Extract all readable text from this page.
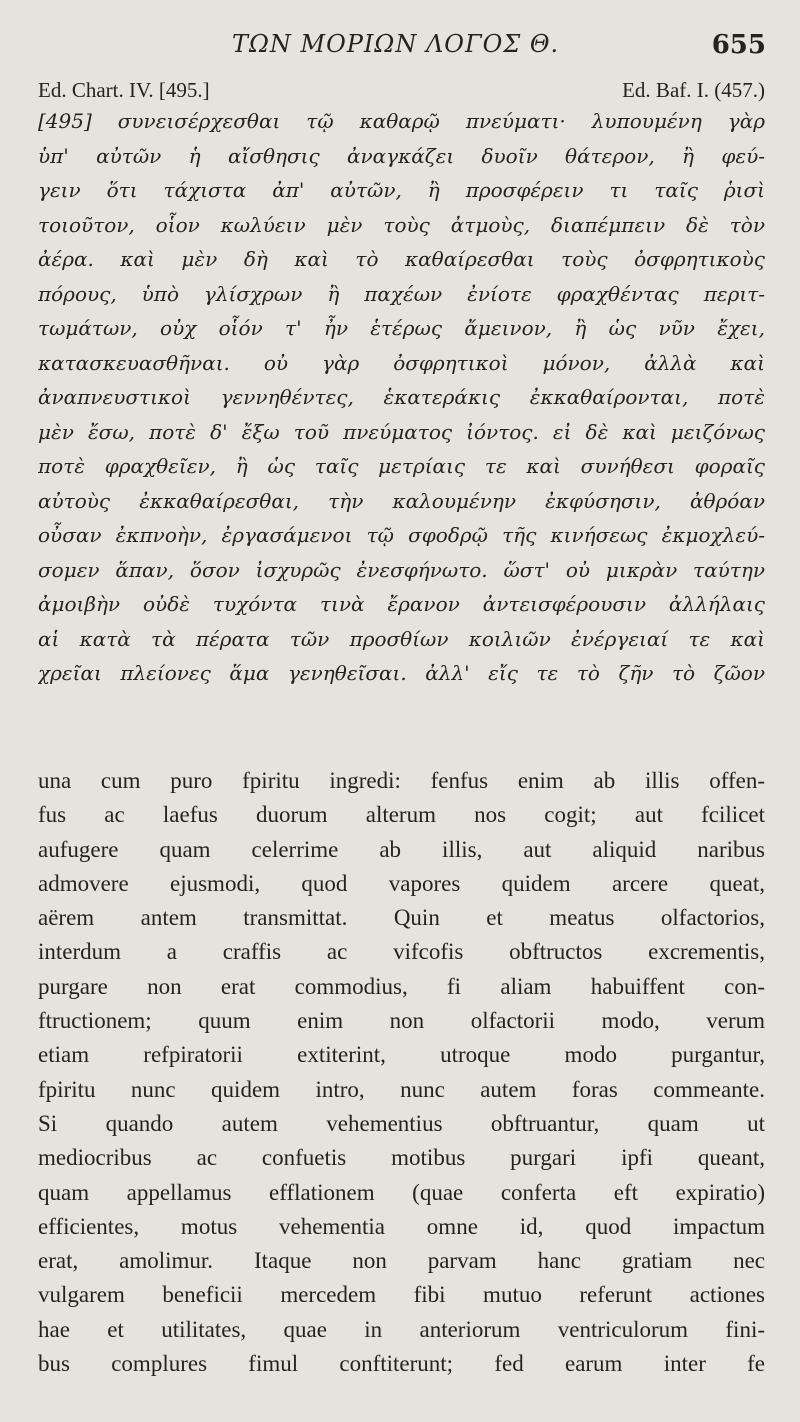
ΤΩΝ ΜΟΡΙΩΝ ΛΟΓΟΣ Θ.	655
Ed. Chart. IV. [495.]	Ed. Baf. I. (457.)
[495] συνεισέρχεσθαι τῷ καθαρῷ πνεύματι· λυπουμένη γὰρ
ὑπ' αὐτῶν ἡ αἴσθησις ἀναγκάζει δυοῖν θάτερον, ἢ φεύ-
γειν ὅτι τάχιστα ἀπ' αὐτῶν, ἢ προσφέρειν τι ταῖς ῥισὶ
τοιοῦτον, οἷον κωλύειν μὲν τοὺς ἀτμοὺς, διαπέμπειν δὲ τὸν
ἀέρα. καὶ μὲν δὴ καὶ τὸ καθαίρεσθαι τοὺς ὀσφρητικοὺς
πόρους, ὑπὸ γλίσχρων ἢ παχέων ἐνίοτε φραχθέντας περιτ-
τωμάτων, οὐχ οἷόν τ' ἦν ἑτέρως ἄμεινον, ἢ ὡς νῦν ἔχει,
κατασκευασθῆναι. οὐ γὰρ ὀσφρητικοὶ μόνον, ἀλλὰ καὶ
ἀναπνευστικοὶ γεννηθέντες, ἑκατεράκις ἐκκαθαίρονται, ποτὲ
μὲν ἔσω, ποτὲ δ' ἔξω τοῦ πνεύματος ἰόντος. εἰ δὲ καὶ μειζόνως
ποτὲ φραχθεῖεν, ἢ ὡς ταῖς μετρίαις τε καὶ συνήθεσι φοραῖς
αὐτοὺς ἐκκαθαίρεσθαι, τὴν καλουμένην ἐκφύσησιν, ἀθρόαν
οὖσαν ἐκπνοὴν, ἐργασάμενοι τῷ σφοδρῷ τῆς κινήσεως ἐκμοχλεύ-
σομεν ἅπαν, ὅσον ἰσχυρῶς ἐνεσφήνωτο. ὥστ' οὐ μικρὰν ταύτην
ἀμοιβὴν οὐδὲ τυχόντα τινὰ ἔρανον ἀντεισφέρουσιν ἀλλήλαις
αἱ κατὰ τὰ πέρατα τῶν προσθίων κοιλιῶν ἐνέργειαί τε καὶ
χρεῖαι πλείονες ἅμα γενηθεῖσαι. ἀλλ' εἴς τε τὸ ζῆν τὸ ζῶον
una cum puro fpiritu ingredi: fenfus enim ab illis offen-
fus ac laefus duorum alterum nos cogit; aut fcilicet
aufugere quam celerrime ab illis, aut aliquid naribus
admovere ejusmodi, quod vapores quidem arcere queat,
aërem antem transmittat. Quin et meatus olfactorios,
interdum a craffis ac vifcofis obftructos excrementis,
purgare non erat commodius, fi aliam habuiffent con-
ftructionem; quum enim non olfactorii modo, verum
etiam refpiratorii extiterint, utroque modo purgantur,
fpiritu nunc quidem intro, nunc autem foras commeante.
Si quando autem vehementius obftruantur, quam ut
mediocribus ac confuetis motibus purgari ipfi queant,
quam appellamus efflationem (quae conferta eft expiratio)
efficientes, motus vehementia omne id, quod impactum
erat, amolimur. Itaque non parvam hanc gratiam nec
vulgarem beneficii mercedem fibi mutuo referunt actiones
hae et utilitates, quae in anteriorum ventriculorum fini-
bus complures fimul conftiterunt; fed earum inter fe
